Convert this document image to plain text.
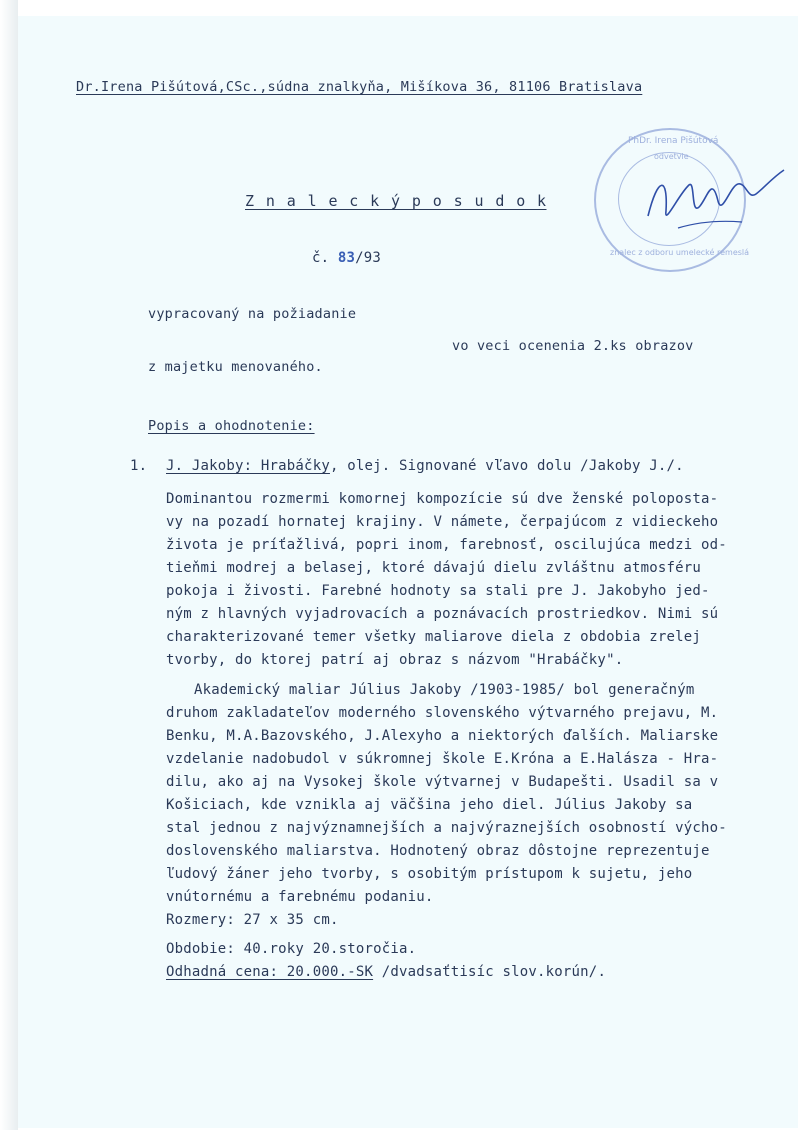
Dr.Irena Pišútová,CSc.,súdna znalkyňa, Mišíkova 36, 81106 Bratislava
PhDr. Irena Pišútová
odvetvie
znalec z odboru umelecké remeslá
Z n a l e c k ý p o s u d o k
č. 83/93
vypracovaný na požiadanie
vo veci ocenenia 2.ks obrazov
z majetku menovaného.
Popis a ohodnotenie:
1. J. Jakoby: Hrabáčky, olej. Signované vľavo dolu /Jakoby J./.
Dominantou rozmermi komornej kompozície sú dve ženské poloposta-
vy na pozadí hornatej krajiny. V námete, čerpajúcom z vidieckeho
života je príťažlivá, popri inom, farebnosť, oscilujúca medzi od-
tieňmi modrej a belasej, ktoré dávajú dielu zvláštnu atmosféru
pokoja i živosti. Farebné hodnoty sa stali pre J. Jakobyho jed-
ným z hlavných vyjadrovacích a poznávacích prostriedkov. Nimi sú
charakterizované temer všetky maliarove diela z obdobia zrelej
tvorby, do ktorej patrí aj obraz s názvom "Hrabáčky".
Akademický maliar Július Jakoby /1903-1985/ bol generačným
druhom zakladateľov moderného slovenského výtvarného prejavu, M.
Benku, M.A.Bazovského, J.Alexyho a niektorých ďalších. Maliarske
vzdelanie nadobudol v súkromnej škole E.Króna a E.Halásza - Hra-
dilu, ako aj na Vysokej škole výtvarnej v Budapešti. Usadil sa v
Košiciach, kde vznikla aj väčšina jeho diel. Július Jakoby sa
stal jednou z najvýznamnejších a najvýraznejších osobností výcho-
doslovenského maliarstva. Hodnotený obraz dôstojne reprezentuje
ľudový žáner jeho tvorby, s osobitým prístupom k sujetu, jeho
vnútornému a farebnému podaniu.
Rozmery: 27 x 35 cm.
Obdobie: 40.roky 20.storočia.
Odhadná cena: 20.000.-SK /dvadsaťtisíc slov.korún/.
